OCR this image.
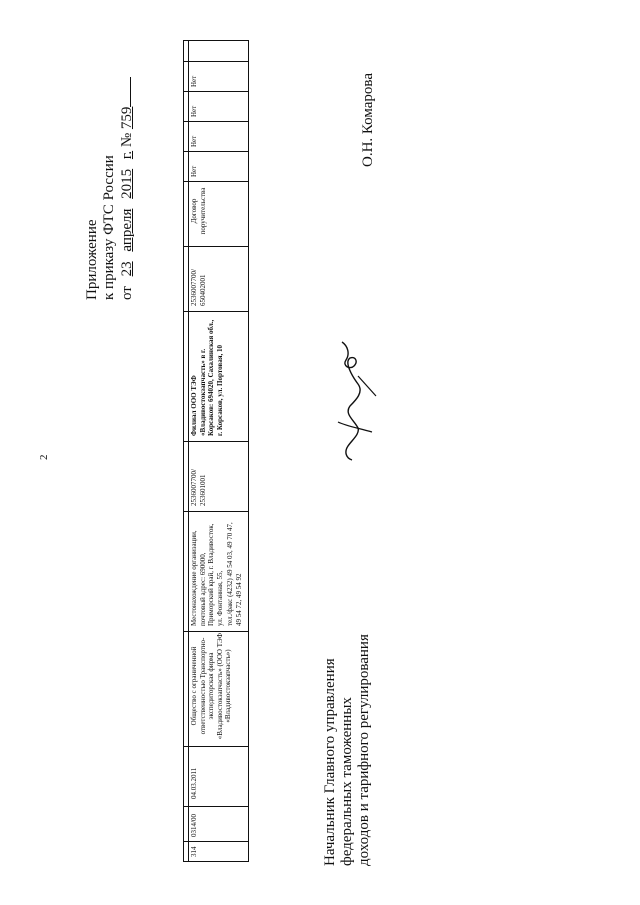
2
Приложение к приказу ФТС России от 23 апреля 2015 г. № 759
314
0314/00
04.03.2011
Общество с ограниченной ответственностью Транспортно-экспедиторская фирма «Владивостокзапчасть» (ООО ТЭФ «Владивостокзапчасть»)
Местонахождение организации, почтовый адрес: 690000, Приморский край, г. Владивосток, ул. Фонтанная, 55, тел./факс (4232) 49 54 03, 49 70 47, 49 54 72, 49 54 92
2536007700/ 253601001
Филиал ООО ТЭФ «Владивостокзапчасть» в г. Корсаков: 694020, Сахалинская обл., г. Корсаков, ул. Портовая, 10
2536007700/ 650402001
Договор поручительства
Нет
Нет
Нет
Нет
Начальник Главного управления федеральных таможенных доходов и тарифного регулирования
О.Н. Комарова
